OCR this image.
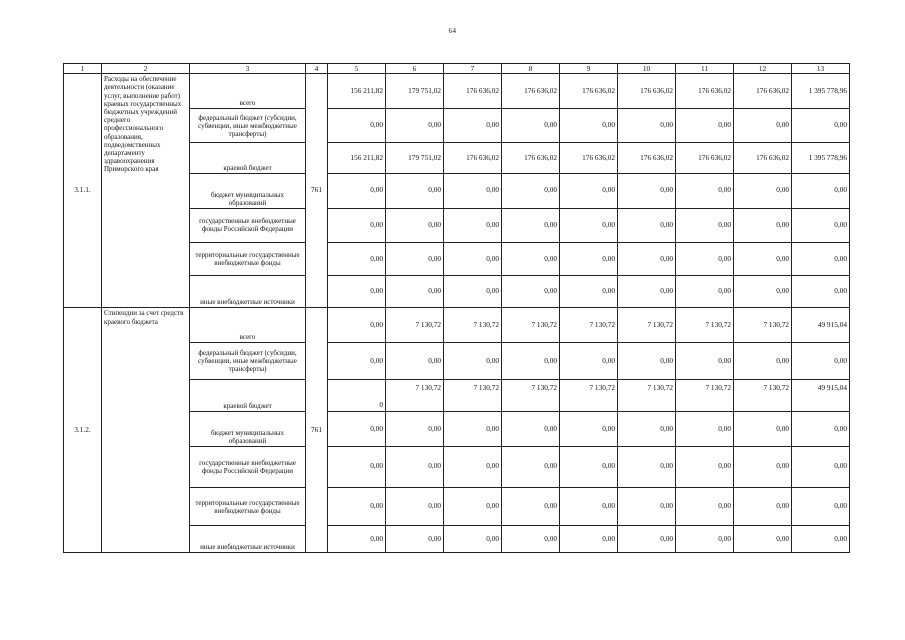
64
1	2	3	4	5	6	7	8	9	10	11	12	13
3.1.1.	Расходы на обеспечение деятельности (оказание услуг, выполнение работ) краевых государственных бюджетных учреждений среднего профессионального образования, подведомственных департаменту здравоохранения Приморского края	всего	761	156 211,82	179 751,02	176 636,02	176 636,02	176 636,02	176 636,02	176 636,02	176 636,02	1 395 778,96
		федеральный бюджет (субсидии, субвенции, иные межбюджетные трансферты)		0,00	0,00	0,00	0,00	0,00	0,00	0,00	0,00	0,00
		краевой бюджет		156 211,82	179 751,02	176 636,02	176 636,02	176 636,02	176 636,02	176 636,02	176 636,02	1 395 778,96
		бюджет муниципальных образований		0,00	0,00	0,00	0,00	0,00	0,00	0,00	0,00	0,00
		государственные внебюджетные фонды Российской Федерации		0,00	0,00	0,00	0,00	0,00	0,00	0,00	0,00	0,00
		территориальные государственные внебюджетные фонды		0,00	0,00	0,00	0,00	0,00	0,00	0,00	0,00	0,00
		иные внебюджетные источники		0,00	0,00	0,00	0,00	0,00	0,00	0,00	0,00	0,00
3.1.2.	Стипендии за счет средств краевого бюджета	всего	761	0,00	7 130,72	7 130,72	7 130,72	7 130,72	7 130,72	7 130,72	7 130,72	49 915,04
		федеральный бюджет (субсидии, субвенции, иные межбюджетные трансферты)		0,00	0,00	0,00	0,00	0,00	0,00	0,00	0,00	0,00
		краевой бюджет		0	7 130,72	7 130,72	7 130,72	7 130,72	7 130,72	7 130,72	7 130,72	49 915,04
		бюджет муниципальных образований		0,00	0,00	0,00	0,00	0,00	0,00	0,00	0,00	0,00
		государственные внебюджетные фонды Российской Федерации		0,00	0,00	0,00	0,00	0,00	0,00	0,00	0,00	0,00
		территориальные государственные внебюджетные фонды		0,00	0,00	0,00	0,00	0,00	0,00	0,00	0,00	0,00
		иные внебюджетные источники		0,00	0,00	0,00	0,00	0,00	0,00	0,00	0,00	0,00
